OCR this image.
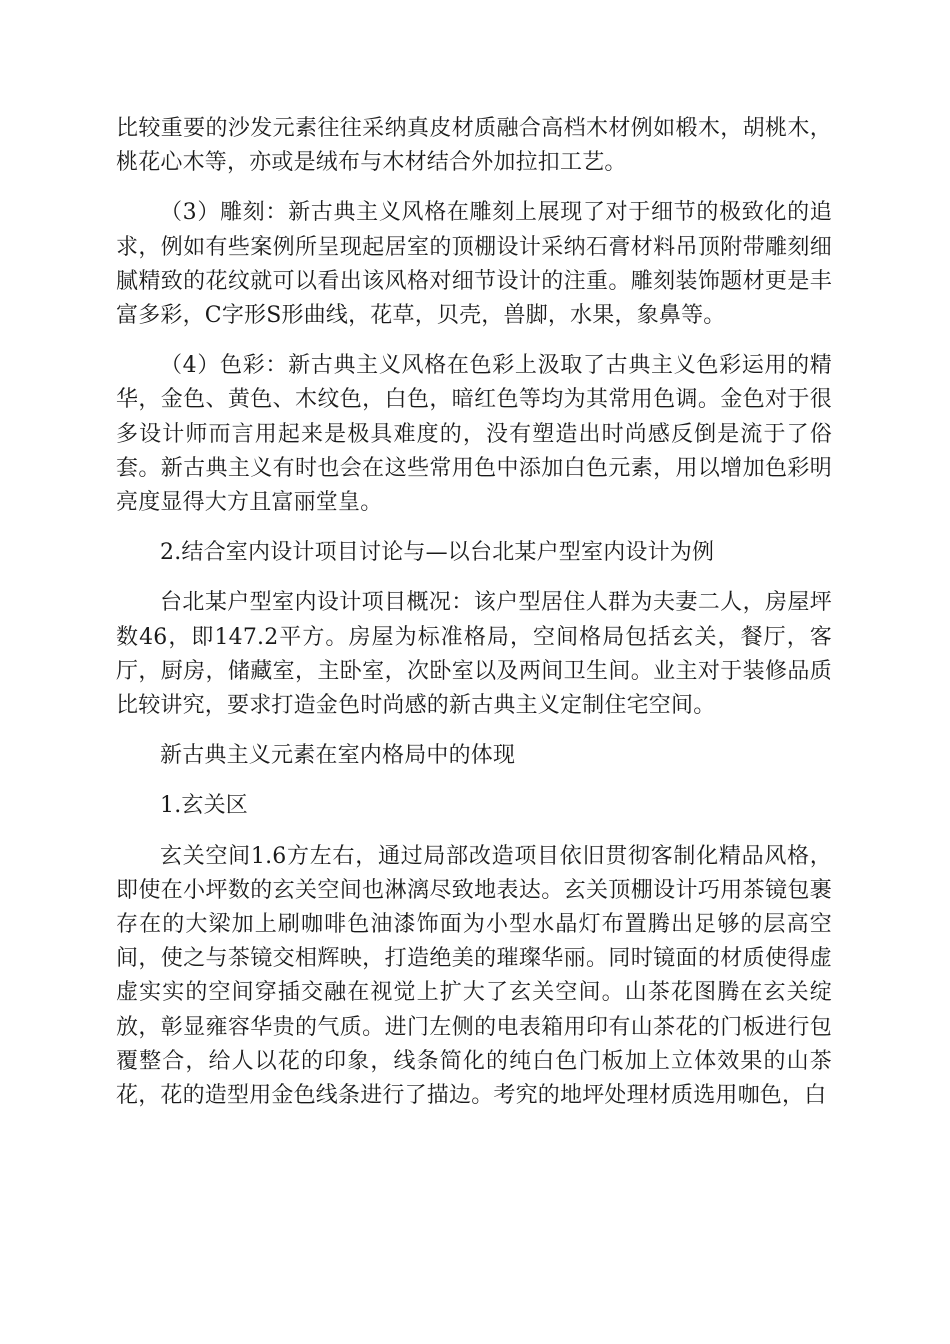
比较重要的沙发元素往往采纳真皮材质融合高档木材例如椴木，胡桃木，桃花心木等，亦或是绒布与木材结合外加拉扣工艺。

（3）雕刻：新古典主义风格在雕刻上展现了对于细节的极致化的追求，例如有些案例所呈现起居室的顶棚设计采纳石膏材料吊顶附带雕刻细腻精致的花纹就可以看出该风格对细节设计的注重。雕刻装饰题材更是丰富多彩，C字形S形曲线，花草，贝壳，兽脚，水果，象鼻等。

（4）色彩：新古典主义风格在色彩上汲取了古典主义色彩运用的精华，金色、黄色、木纹色，白色，暗红色等均为其常用色调。金色对于很多设计师而言用起来是极具难度的，没有塑造出时尚感反倒是流于了俗套。新古典主义有时也会在这些常用色中添加白色元素，用以增加色彩明亮度显得大方且富丽堂皇。

2.结合室内设计项目讨论与—以台北某户型室内设计为例

台北某户型室内设计项目概况：该户型居住人群为夫妻二人，房屋坪数46，即147.2平方。房屋为标准格局，空间格局包括玄关，餐厅，客厅，厨房，储藏室，主卧室，次卧室以及两间卫生间。业主对于装修品质比较讲究，要求打造金色时尚感的新古典主义定制住宅空间。

新古典主义元素在室内格局中的体现

1.玄关区

玄关空间1.6方左右，通过局部改造项目依旧贯彻客制化精品风格，即使在小坪数的玄关空间也淋漓尽致地表达。玄关顶棚设计巧用茶镜包裹存在的大梁加上刷咖啡色油漆饰面为小型水晶灯布置腾出足够的层高空间，使之与茶镜交相辉映，打造绝美的璀璨华丽。同时镜面的材质使得虚虚实实的空间穿插交融在视觉上扩大了玄关空间。山茶花图腾在玄关绽放，彰显雍容华贵的气质。进门左侧的电表箱用印有山茶花的门板进行包覆整合，给人以花的印象，线条简化的纯白色门板加上立体效果的山茶花，花的造型用金色线条进行了描边。考究的地坪处理材质选用咖色，白
